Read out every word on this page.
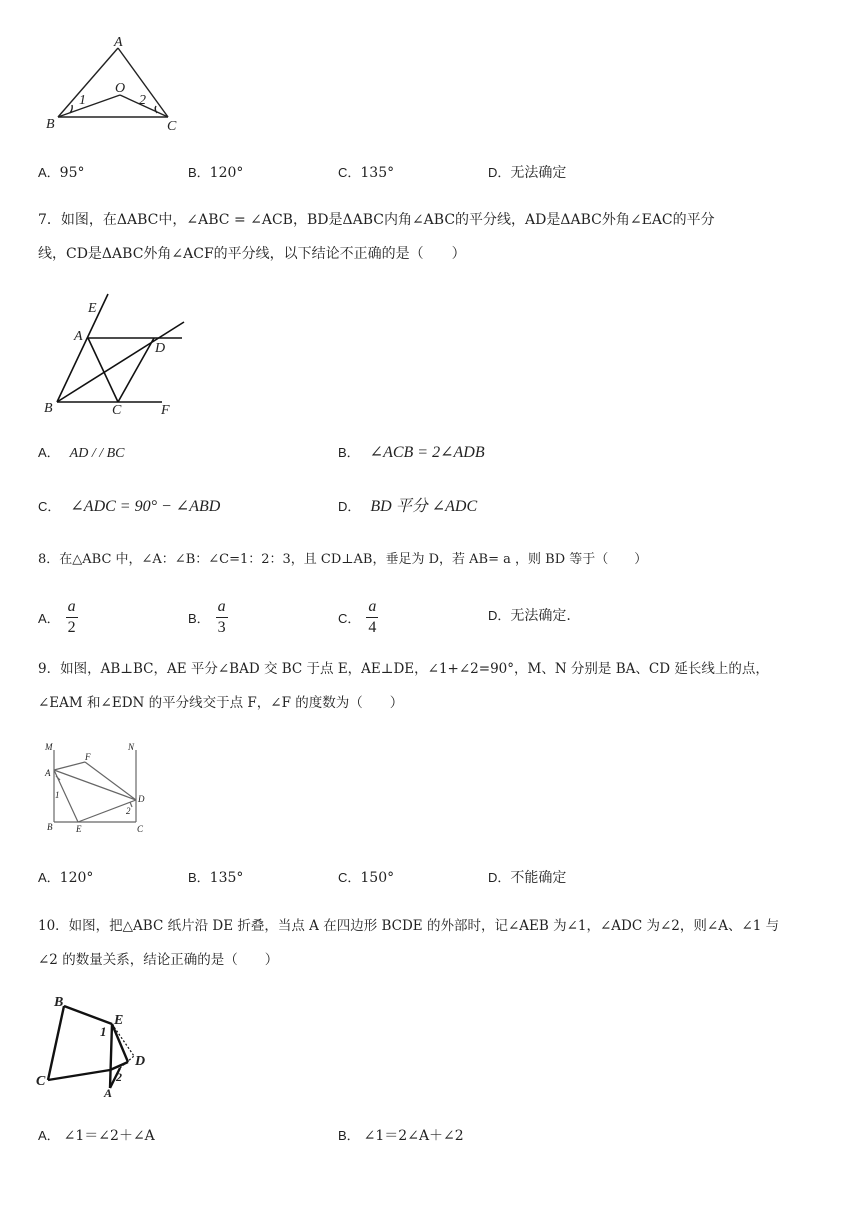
A
O
B	C
1	2
A．95°	B．120°	C．135°	D．无法确定
7．如图，在ΔABC中，∠ABC = ∠ACB，BD是ΔABC内角∠ABC的平分线，AD是ΔABC外角∠EAC的平分
线，CD是ΔABC外角∠ACF的平分线，以下结论不正确的是（　　）
E
A
D
B	C	F
A． AD / / BC	B． ∠ACB = 2∠ADB
C． ∠ADC = 90° − ∠ABD	D． BD 平分 ∠ADC
8．在△ABC 中，∠A：∠B：∠C=1：2：3，且 CD⊥AB，垂足为 D，若 AB= a ，则 BD 等于（　　）
A． $\frac{a}{2}$	B． $\frac{a}{3}$	C． $\frac{a}{4}$	D．无法确定.
9．如图，AB⊥BC，AE 平分∠BAD 交 BC 于点 E，AE⊥DE，∠1+∠2=90°，M、N 分别是 BA、CD 延长线上的点，
∠EAM 和∠EDN 的平分线交于点 F，∠F 的度数为（　　）
M	N
F
A
D
B	E	C
1
2
A．120°	B．135°	C．150°	D．不能确定
10．如图，把△ABC 纸片沿 DE 折叠，当点 A 在四边形 BCDE 的外部时，记∠AEB 为∠1，∠ADC 为∠2，则∠A、∠1 与
∠2 的数量关系，结论正确的是（　　）
B
E
D
C
A
1
2
A． ∠1＝∠2＋∠A	B． ∠1＝2∠A＋∠2
